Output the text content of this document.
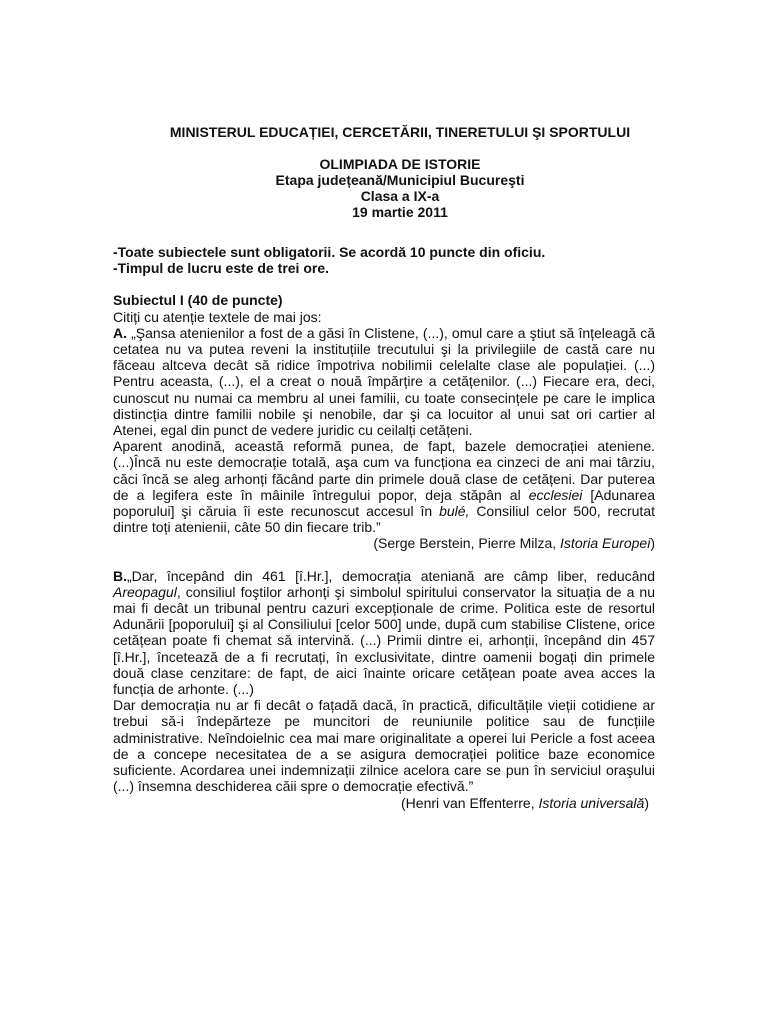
MINISTERUL EDUCAȚIEI, CERCETĂRII, TINERETULUI ŞI SPORTULUI
OLIMPIADA DE ISTORIE
Etapa județeană/Municipiul Bucureşti
Clasa a IX-a
19 martie 2011
-Toate subiectele sunt obligatorii. Se acordă 10 puncte din oficiu.
-Timpul de lucru este de trei ore.
Subiectul I (40 de puncte)
Citiți cu atenție textele de mai jos:

A. „Şansa atenienilor a fost de a găsi în Clistene, (...), omul care a ştiut să înțeleagă că cetatea nu va putea reveni la instituțiile trecutului şi la privilegiile de castă care nu făceau altceva decât să ridice împotriva nobilimii celelalte clase ale populației. (...) Pentru aceasta, (...), el a creat o nouă împărțire a cetățenilor. (...) Fiecare era, deci, cunoscut nu numai ca membru al unei familii, cu toate consecințele pe care le implica distincția dintre familii nobile şi nenobile, dar şi ca locuitor al unui sat ori cartier al Atenei, egal din punct de vedere juridic cu ceilalți cetățeni.

Aparent anodină, această reformă punea, de fapt, bazele democrației ateniene. (...)Încă nu este democrație totală, aşa cum va funcționa ea cinzeci de ani mai târziu, căci încă se aleg arhonți făcând parte din primele două clase de cetățeni. Dar puterea de a legifera este în mâinile întregului popor, deja stăpân al ecclesiei [Adunarea poporului] şi căruia îi este recunoscut accesul în bulé, Consiliul celor 500, recrutat dintre toți atenienii, câte 50 din fiecare trib.”

(Serge Berstein, Pierre Milza, Istoria Europei)

B.„Dar, începând din 461 [î.Hr.], democrația ateniană are câmp liber, reducând Areopagul, consiliul foştilor arhonți şi simbolul spiritului conservator la situația de a nu mai fi decât un tribunal pentru cazuri excepționale de crime. Politica este de resortul Adunării [poporului] şi al Consiliului [celor 500] unde, după cum stabilise Clistene, orice cetățean poate fi chemat să intervină. (...) Primii dintre ei, arhonții, începând din 457 [î.Hr.], încetează de a fi recrutați, în exclusivitate, dintre oamenii bogați din primele două clase cenzitare: de fapt, de aici înainte oricare cetățean poate avea acces la funcția de arhonte. (...)

Dar democrația nu ar fi decât o fațadă dacă, în practică, dificultățile vieții cotidiene ar trebui să-i îndepărteze pe muncitori de reuniunile politice sau de funcțiile administrative. Neîndoielnic cea mai mare originalitate a operei lui Pericle a fost aceea de a concepe necesitatea de a se asigura democrației politice baze economice suficiente. Acordarea unei indemnizații zilnice acelora care se pun în serviciul oraşului (...) însemna deschiderea căii spre o democrație efectivă.”

(Henri van Effenterre, Istoria universală)
